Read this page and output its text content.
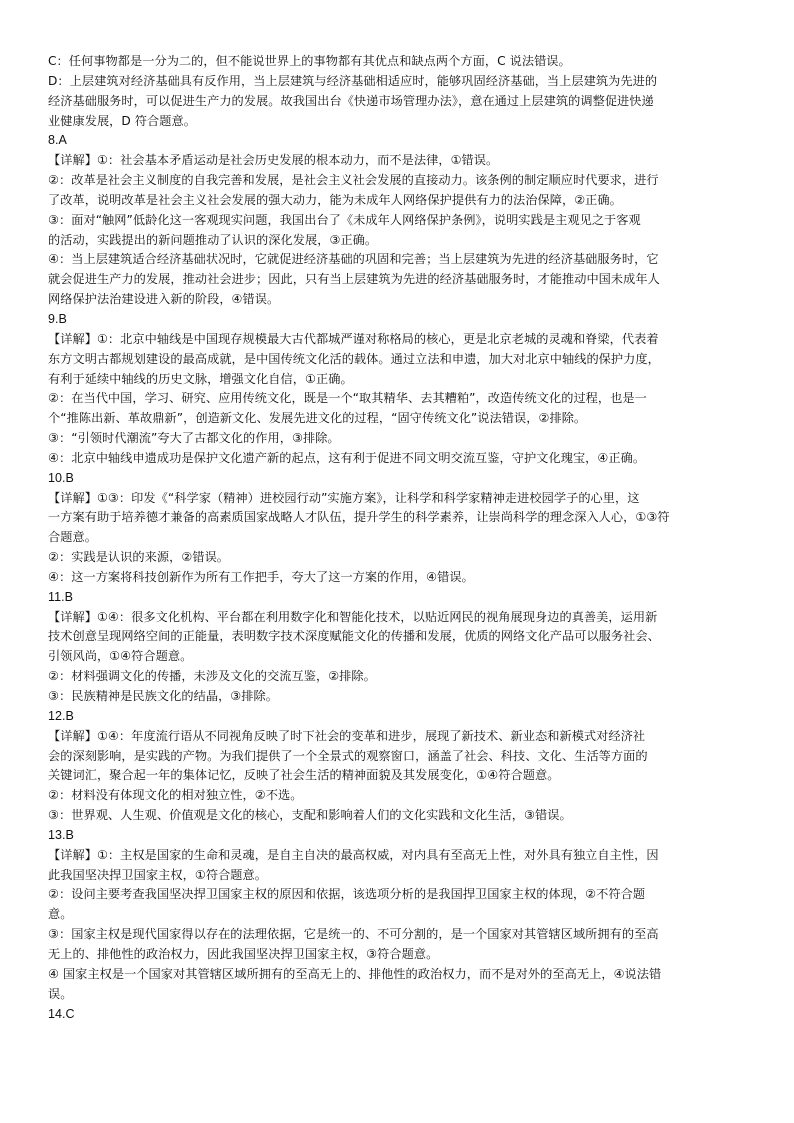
C：任何事物都是一分为二的，但不能说世界上的事物都有其优点和缺点两个方面，C 说法错误。
D：上层建筑对经济基础具有反作用，当上层建筑与经济基础相适应时，能够巩固经济基础，当上层建筑为先进的
经济基础服务时，可以促进生产力的发展。故我国出台《快递市场管理办法》，意在通过上层建筑的调整促进快递
业健康发展，D 符合题意。
8.A
【详解】①：社会基本矛盾运动是社会历史发展的根本动力，而不是法律，①错误。
②：改革是社会主义制度的自我完善和发展，是社会主义社会发展的直接动力。该条例的制定顺应时代要求，进行
了改革，说明改革是社会主义社会发展的强大动力，能为未成年人网络保护提供有力的法治保障，②正确。
③：面对“触网”低龄化这一客观现实问题，我国出台了《未成年人网络保护条例》，说明实践是主观见之于客观
的活动，实践提出的新问题推动了认识的深化发展，③正确。
④：当上层建筑适合经济基础状况时，它就促进经济基础的巩固和完善；当上层建筑为先进的经济基础服务时，它
就会促进生产力的发展，推动社会进步；因此，只有当上层建筑为先进的经济基础服务时，才能推动中国未成年人
网络保护法治建设进入新的阶段，④错误。
9.B
【详解】①：北京中轴线是中国现存规模最大古代都城严谨对称格局的核心，更是北京老城的灵魂和脊梁，代表着
东方文明古都规划建设的最高成就，是中国传统文化活的载体。通过立法和申遗，加大对北京中轴线的保护力度，
有利于延续中轴线的历史文脉，增强文化自信，①正确。
②：在当代中国，学习、研究、应用传统文化，既是一个“取其精华、去其糟粕”，改造传统文化的过程，也是一
个“推陈出新、革故鼎新”，创造新文化、发展先进文化的过程，“固守传统文化”说法错误，②排除。
③：“引领时代潮流”夸大了古都文化的作用，③排除。
④：北京中轴线申遗成功是保护文化遗产新的起点，这有利于促进不同文明交流互鉴，守护文化瑰宝，④正确。
10.B
【详解】①③：印发《“科学家（精神）进校园行动”实施方案》，让科学和科学家精神走进校园学子的心里，这
一方案有助于培养德才兼备的高素质国家战略人才队伍，提升学生的科学素养，让崇尚科学的理念深入人心，①③符
合题意。
②：实践是认识的来源，②错误。
④：这一方案将科技创新作为所有工作把手，夸大了这一方案的作用，④错误。
11.B
【详解】①④：很多文化机构、平台都在利用数字化和智能化技术，以贴近网民的视角展现身边的真善美，运用新
技术创意呈现网络空间的正能量，表明数字技术深度赋能文化的传播和发展，优质的网络文化产品可以服务社会、
引领风尚，①④符合题意。
②：材料强调文化的传播，未涉及文化的交流互鉴，②排除。
③：民族精神是民族文化的结晶，③排除。
12.B
【详解】①④：年度流行语从不同视角反映了时下社会的变革和进步，展现了新技术、新业态和新模式对经济社
会的深刻影响，是实践的产物。为我们提供了一个全景式的观察窗口，涵盖了社会、科技、文化、生活等方面的
关键词汇，聚合起一年的集体记忆，反映了社会生活的精神面貌及其发展变化，①④符合题意。
②：材料没有体现文化的相对独立性，②不选。
③：世界观、人生观、价值观是文化的核心，支配和影响着人们的文化实践和文化生活，③错误。
13.B
【详解】①：主权是国家的生命和灵魂，是自主自决的最高权威，对内具有至高无上性，对外具有独立自主性，因
此我国坚决捍卫国家主权，①符合题意。
②：设问主要考查我国坚决捍卫国家主权的原因和依据，该选项分析的是我国捍卫国家主权的体现，②不符合题
意。
③：国家主权是现代国家得以存在的法理依据，它是统一的、不可分割的，是一个国家对其管辖区域所拥有的至高
无上的、排他性的政治权力，因此我国坚决捍卫国家主权，③符合题意。
④ 国家主权是一个国家对其管辖区域所拥有的至高无上的、排他性的政治权力，而不是对外的至高无上，④说法错
误。
14.C
